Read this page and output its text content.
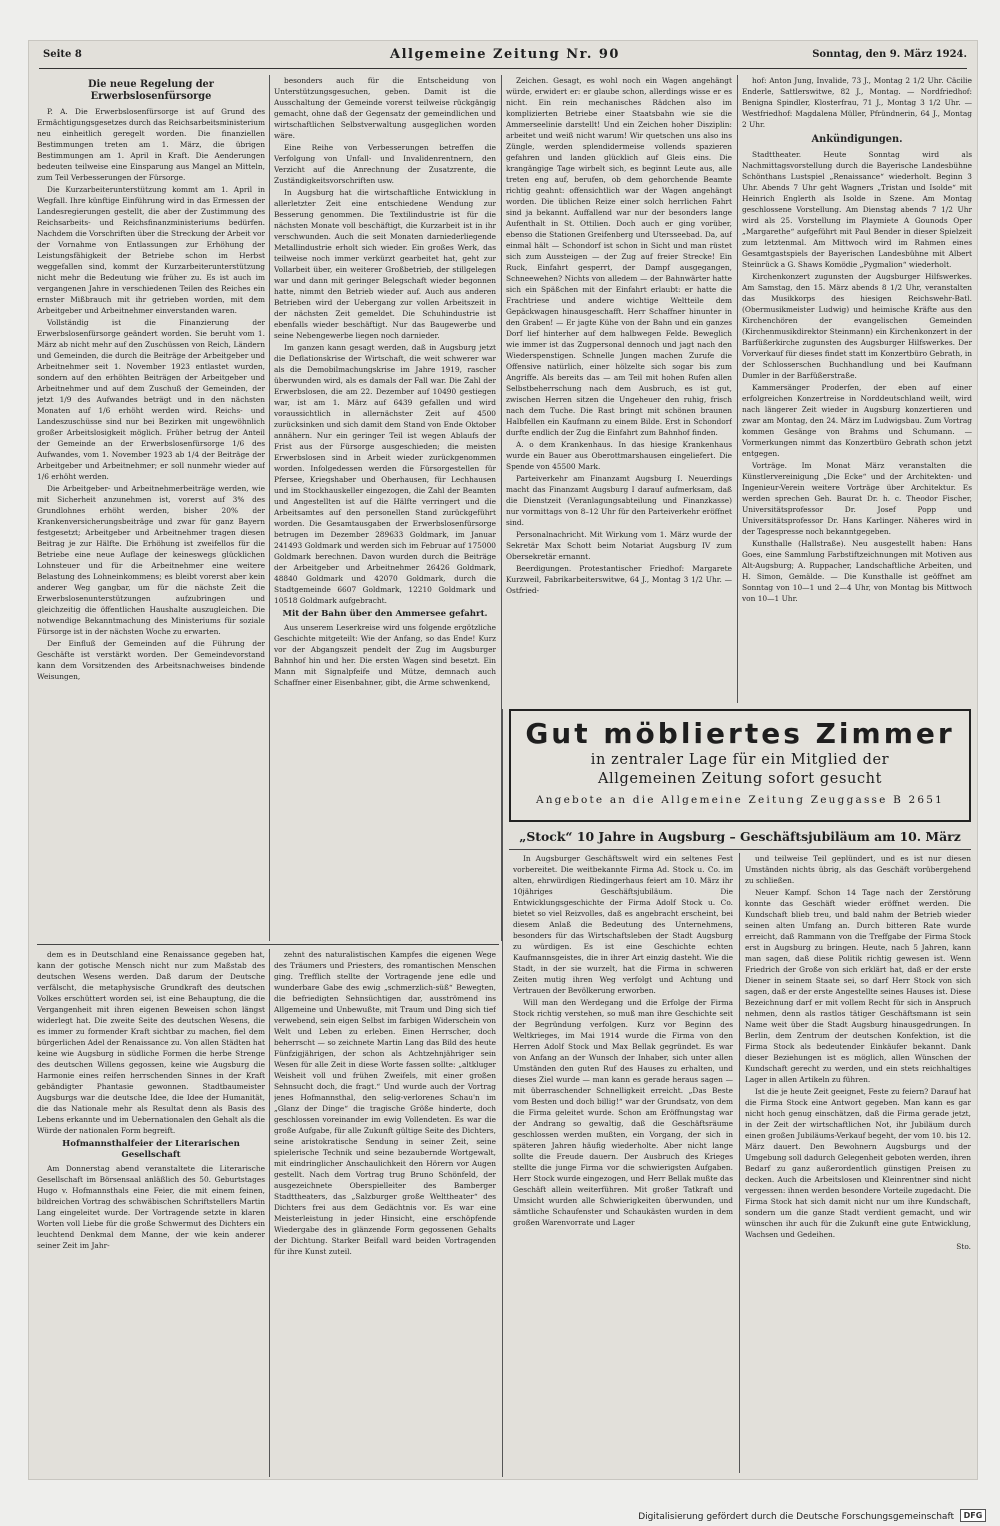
Seite 8	Allgemeine Zeitung Nr. 90	Sonntag, den 9. März 1924.
Die neue Regelung der Erwerbslosenfürsorge

P. A. Die Erwerbslosenfürsorge ist auf Grund des Ermächtigungsgesetzes durch das Reichsarbeitsministerium neu einheitlich geregelt worden. Die finanziellen Bestimmungen treten am 1. März, die übrigen Bestimmungen am 1. April in Kraft. Die Aenderungen bedeuten teilweise eine Einsparung aus Mangel an Mitteln, zum Teil Verbesserungen der Fürsorge.

Die Kurzarbeiterunterstützung kommt am 1. April in Wegfall. Ihre künftige Einführung wird in das Ermessen der Landesregierungen gestellt, die aber der Zustimmung des Reichsarbeits- und Reichsfinanzministeriums bedürfen. Nachdem die Vorschriften über die Streckung der Arbeit vor der Vornahme von Entlassungen zur Erhöhung der Leistungsfähigkeit der Betriebe schon im Herbst weggefallen sind, kommt der Kurzarbeiterunterstützung nicht mehr die Bedeutung wie früher zu. Es ist auch im vergangenen Jahre in verschiedenen Teilen des Reiches ein ernster Mißbrauch mit ihr getrieben worden, mit dem Arbeitgeber und Arbeitnehmer einverstanden waren.

Vollständig ist die Finanzierung der Erwerbslosenfürsorge geändert worden. Sie beruht vom 1. März ab nicht mehr auf den Zuschüssen von Reich, Ländern und Gemeinden, die durch die Beiträge der Arbeitgeber und Arbeitnehmer seit 1. November 1923 entlastet wurden, sondern auf den erhöhten Beiträgen der Arbeitgeber und Arbeitnehmer und auf dem Zuschuß der Gemeinden, der jetzt 1/9 des Aufwandes beträgt und in den nächsten Monaten auf 1/6 erhöht werden wird. Reichs- und Landeszuschüsse sind nur bei Bezirken mit ungewöhnlich großer Arbeitslosigkeit möglich. Früher betrug der Anteil der Gemeinde an der Erwerbslosenfürsorge 1/6 des Aufwandes, vom 1. November 1923 ab 1/4 der Beiträge der Arbeitgeber und Arbeitnehmer; er soll nunmehr wieder auf 1/6 erhöht werden.

Die Arbeitgeber- und Arbeitnehmerbeiträge werden, wie mit Sicherheit anzunehmen ist, vorerst auf 3% des Grundlohnes erhöht werden, bisher 20% der Krankenversicherungsbeiträge und zwar für ganz Bayern festgesetzt; Arbeitgeber und Arbeitnehmer tragen diesen Beitrag je zur Hälfte. Die Erhöhung ist zweifellos für die Betriebe eine neue Auflage der keineswegs glücklichen Lohnsteuer und für die Arbeitnehmer eine weitere Belastung des Lohneinkommens; es bleibt vorerst aber kein anderer Weg gangbar, um für die nächste Zeit die Erwerbslosenunterstützungen aufzubringen und gleichzeitig die öffentlichen Haushalte auszugleichen. Die notwendige Bekanntmachung des Ministeriums für soziale Fürsorge ist in der nächsten Woche zu erwarten.

Der Einfluß der Gemeinden auf die Führung der Geschäfte ist verstärkt worden. Der Gemeindevorstand kann dem Vorsitzenden des Arbeitsnachweises bindende Weisungen,

besonders auch für die Entscheidung von Unterstützungsgesuchen, geben. Damit ist die Ausschaltung der Gemeinde vorerst teilweise rückgängig gemacht, ohne daß der Gegensatz der gemeindlichen und wirtschaftlichen Selbstverwaltung ausgeglichen worden wäre.

Eine Reihe von Verbesserungen betreffen die Verfolgung von Unfall- und Invalidenrentnern, den Verzicht auf die Anrechnung der Zusatzrente, die Zuständigkeitsvorschriften usw.

In Augsburg hat die wirtschaftliche Entwicklung in allerletzter Zeit eine entschiedene Wendung zur Besserung genommen. Die Textilindustrie ist für die nächsten Monate voll beschäftigt, die Kurzarbeit ist in ihr verschwunden. Auch die seit Monaten darniederliegende Metallindustrie erholt sich wieder. Ein großes Werk, das teilweise noch immer verkürzt gearbeitet hat, geht zur Vollarbeit über, ein weiterer Großbetrieb, der stillgelegen war und dann mit geringer Belegschaft wieder begonnen hatte, nimmt den Betrieb wieder auf. Auch aus anderen Betrieben wird der Uebergang zur vollen Arbeitszeit in der nächsten Zeit gemeldet. Die Schuhindustrie ist ebenfalls wieder beschäftigt. Nur das Baugewerbe und seine Nebengewerbe liegen noch darnieder.

Im ganzen kann gesagt werden, daß in Augsburg jetzt die Deflationskrise der Wirtschaft, die weit schwerer war als die Demobilmachungskrise im Jahre 1919, rascher überwunden wird, als es damals der Fall war. Die Zahl der Erwerbslosen, die am 22. Dezember auf 10490 gestiegen war, ist am 1. März auf 6439 gefallen und wird voraussichtlich in allernächster Zeit auf 4500 zurücksinken und sich damit dem Stand von Ende Oktober annähern. Nur ein geringer Teil ist wegen Ablaufs der Frist aus der Fürsorge ausgeschieden; die meisten Erwerbslosen sind in Arbeit wieder zurückgenommen worden. Infolgedessen werden die Fürsorgestellen für Pfersee, Kriegshaber und Oberhausen, für Lechhausen und im Stockhauskeller eingezogen, die Zahl der Beamten und Angestellten ist auf die Hälfte verringert und die Arbeitsamtes auf den personellen Stand zurückgeführt worden. Die Gesamtausgaben der Erwerbslosenfürsorge betrugen im Dezember 289633 Goldmark, im Januar 241493 Goldmark und werden sich im Februar auf 175000 Goldmark berechnen. Davon wurden durch die Beiträge der Arbeitgeber und Arbeitnehmer 26426 Goldmark, 48840 Goldmark und 42070 Goldmark, durch die Stadtgemeinde 6607 Goldmark, 12210 Goldmark und 10518 Goldmark aufgebracht.

Mit der Bahn über den Ammersee gefahrt.

Aus unserem Leserkreise wird uns folgende ergötzliche Geschichte mitgeteilt: Wie der Anfang, so das Ende! Kurz vor der Abgangszeit pendelt der Zug im Augsburger Bahnhof hin und her. Die ersten Wagen sind besetzt. Ein Mann mit Signalpfeife und Mütze, demnach auch Schaffner einer Eisenbahner, gibt, die Arme schwenkend,

Zeichen. Gesagt, es wohl noch ein Wagen angehängt würde, erwidert er: er glaube schon, allerdings wisse er es nicht. Ein rein mechanisches Rädchen also im komplizierten Betriebe einer Staatsbahn wie sie die Ammerseelinie darstellt! Und ein Zeichen hoher Disziplin: arbeitet und weiß nicht warum! Wir quetschen uns also ins Züngle, werden splendidermeise vollends spazieren gefahren und landen glücklich auf Gleis eins. Die krangängige Tage wirbelt sich, es beginnt Leute aus, alle treten eng auf, berufen, ob dem gehorchende Beamte richtig geahnt: offensichtlich war der Wagen angehängt worden. Die üblichen Reize einer solch herrlichen Fahrt sind ja bekannt. Auffallend war nur der besonders lange Aufenthalt in St. Ottilien. Doch auch er ging vorüber, ebenso die Stationen Greifenberg und Utersseebad. Da, auf einmal hält — Schondorf ist schon in Sicht und man rüstet sich zum Aussteigen — der Zug auf freier Strecke! Ein Ruck, Einfahrt gesperrt, der Dampf ausgegangen, Schneewehen? Nichts von alledem — der Bahnwärter hatte sich ein Späßchen mit der Einfahrt erlaubt: er hatte die Frachtriese und andere wichtige Weltteile dem Gepäckwagen hinausgeschafft. Herr Schaffner hinunter in den Graben! — Er jagte Kühe von der Bahn und ein ganzes Dorf lief hinterher auf dem halbwegen Felde. Beweglich wie immer ist das Zugpersonal dennoch und jagt nach den Wiederspenstigen. Schnelle Jungen machen Zurufe die Offensive natürlich, einer hölzelte sich sogar bis zum Angriffe. Als bereits das — am Teil mit hohen Rufen allen Selbstbeherrschung nach dem Ausbruch, es ist gut, zwischen Herren sitzen die Ungeheuer den ruhig, frisch nach dem Tuche. Die Rast bringt mit schönen braunen Halbfellen ein Kaufmann zu einem Bilde. Erst in Schondorf durfte endlich der Zug die Einfahrt zum Bahnhof finden.

A. o dem Krankenhaus. In das hiesige Krankenhaus wurde ein Bauer aus Oberottmarshausen eingeliefert. Die Spende von 45500 Mark.

Parteiverkehr am Finanzamt Augsburg I. Neuerdings macht das Finanzamt Augsburg I darauf aufmerksam, daß die Dienstzeit (Veranlagungsabteilung und Finanzkasse) nur vormittags von 8–12 Uhr für den Parteiverkehr eröffnet sind.

Personalnachricht. Mit Wirkung vom 1. März wurde der Sekretär Max Schott beim Notariat Augsburg IV zum Obersekretär ernannt.

Beerdigungen. Protestantischer Friedhof: Margarete Kurzweil, Fabrikarbeiterswitwe, 64 J., Montag 3 1/2 Uhr. — Ostfried-

hof: Anton Jung, Invalide, 73 J., Montag 2 1/2 Uhr. Cäcilie Enderle, Sattlerswitwe, 82 J., Montag. — Nordfriedhof: Benigna Spindler, Klosterfrau, 71 J., Montag 3 1/2 Uhr. — Westfriedhof: Magdalena Müller, Pfründnerin, 64 J., Montag 2 Uhr.

Ankündigungen.

Stadttheater. Heute Sonntag wird als Nachmittagsvorstellung durch die Bayerische Landesbühne Schönthans Lustspiel „Renaissance“ wiederholt. Beginn 3 Uhr. Abends 7 Uhr geht Wagners „Tristan und Isolde“ mit Heinrich Englerth als Isolde in Szene. Am Montag geschlossene Vorstellung. Am Dienstag abends 7 1/2 Uhr wird als 25. Vorstellung im Playmiete A Gounods Oper „Margarethe“ aufgeführt mit Paul Bender in dieser Spielzeit zum letztenmal. Am Mittwoch wird im Rahmen eines Gesamtgastspiels der Bayerischen Landesbühne mit Albert Steinrück a G. Shaws Komödie „Pygmalion“ wiederholt.

Kirchenkonzert zugunsten der Augsburger Hilfswerkes. Am Samstag, den 15. März abends 8 1/2 Uhr, veranstalten das Musikkorps des hiesigen Reichswehr-Batl. (Obermusikmeister Ludwig) und heimische Kräfte aus den Kirchenchören der evangelischen Gemeinden (Kirchenmusikdirektor Steinmann) ein Kirchenkonzert in der Barfüßerkirche zugunsten des Augsburger Hilfswerkes. Der Vorverkauf für dieses findet statt im Konzertbüro Gebrath, in der Schlosserschen Buchhandlung und bei Kaufmann Dumler in der Barfüßerstraße.

Kammersänger Proderfen, der eben auf einer erfolgreichen Konzertreise in Norddeutschland weilt, wird nach längerer Zeit wieder in Augsburg konzertieren und zwar am Montag, den 24. März im Ludwigsbau. Zum Vortrag kommen Gesänge von Brahms und Schumann. — Vormerkungen nimmt das Konzertbüro Gebrath schon jetzt entgegen.

Vorträge. Im Monat März veranstalten die Künstlervereinigung „Die Ecke“ und der Architekten- und Ingenieur-Verein weitere Vorträge über Architektur. Es werden sprechen Geh. Baurat Dr. h. c. Theodor Fischer, Universitätsprofessor Dr. Josef Popp und Universitätsprofessor Dr. Hans Karlinger. Näheres wird in der Tagespresse noch bekanntgegeben.

Kunsthalle (Hallstraße). Neu ausgestellt haben: Hans Goes, eine Sammlung Farbstiftzeichnungen mit Motiven aus Alt-Augsburg; A. Ruppacher, Landschaftliche Arbeiten, und H. Simon, Gemälde. — Die Kunsthalle ist geöffnet am Sonntag von 10—1 und 2—4 Uhr, von Montag bis Mittwoch von 10—1 Uhr.

Gut möbliertes Zimmer
in zentraler Lage für ein Mitglied der
Allgemeinen Zeitung sofort gesucht
Angebote an die Allgemeine Zeitung Zeuggasse B 2651
„Stock“ 10 Jahre in Augsburg – Geschäftsjubiläum am 10. März

In Augsburger Geschäftswelt wird ein seltenes Fest vorbereitet. Die weitbekannte Firma Ad. Stock u. Co. im alten, ehrwürdigen Riedingerhaus feiert am 10. März ihr 10jähriges Geschäftsjubiläum. Die Entwicklungsgeschichte der Firma Adolf Stock u. Co. bietet so viel Reizvolles, daß es angebracht erscheint, bei diesem Anlaß die Bedeutung des Unternehmens, besonders für das Wirtschaftsleben der Stadt Augsburg zu würdigen. Es ist eine Geschichte echten Kaufmannsgeistes, die in ihrer Art einzig dasteht. Wie die Stadt, in der sie wurzelt, hat die Firma in schweren Zeiten mutig ihren Weg verfolgt und Achtung und Vertrauen der Bevölkerung erworben.

Will man den Werdegang und die Erfolge der Firma Stock richtig verstehen, so muß man ihre Geschichte seit der Begründung verfolgen. Kurz vor Beginn des Weltkrieges, im Mai 1914 wurde die Firma von den Herren Adolf Stock und Max Bellak gegründet. Es war von Anfang an der Wunsch der Inhaber, sich unter allen Umständen den guten Ruf des Hauses zu erhalten, und dieses Ziel wurde — man kann es gerade heraus sagen — mit überraschender Schnelligkeit erreicht. „Das Beste vom Besten und doch billig!“ war der Grundsatz, von dem die Firma geleitet wurde. Schon am Eröffnungstag war der Andrang so gewaltig, daß die Geschäftsräume geschlossen werden mußten, ein Vorgang, der sich in späteren Jahren häufig wiederholte. Aber nicht lange sollte die Freude dauern. Der Ausbruch des Krieges stellte die junge Firma vor die schwierigsten Aufgaben. Herr Stock wurde eingezogen, und Herr Bellak mußte das Geschäft allein weiterführen. Mit großer Tatkraft und Umsicht wurden alle Schwierigkeiten überwunden, und sämtliche Schaufenster und Schaukästen wurden in dem großen Warenvorrate und Lager

und teilweise Teil geplündert, und es ist nur diesen Umständen nichts übrig, als das Geschäft vorübergehend zu schließen.

Neuer Kampf. Schon 14 Tage nach der Zerstörung konnte das Geschäft wieder eröffnet werden. Die Kundschaft blieb treu, und bald nahm der Betrieb wieder seinen alten Umfang an. Durch bitteren Rate wurde erreicht, daß Rammann von die Treffgabe der Firma Stock erst in Augsburg zu bringen. Heute, nach 5 Jahren, kann man sagen, daß diese Politik richtig gewesen ist. Wenn Friedrich der Große von sich erklärt hat, daß er der erste Diener in seinem Staate sei, so darf Herr Stock von sich sagen, daß er der erste Angestellte seines Hauses ist. Diese Bezeichnung darf er mit vollem Recht für sich in Anspruch nehmen, denn als rastlos tätiger Geschäftsmann ist sein Name weit über die Stadt Augsburg hinausgedrungen. In Berlin, dem Zentrum der deutschen Konfektion, ist die Firma Stock als bedeutender Einkäufer bekannt. Dank dieser Beziehungen ist es möglich, allen Wünschen der Kundschaft gerecht zu werden, und ein stets reichhaltiges Lager in allen Artikeln zu führen.

Ist die je heute Zeit geeignet, Feste zu feiern? Darauf hat die Firma Stock eine Antwort gegeben. Man kann es gar nicht hoch genug einschätzen, daß die Firma gerade jetzt, in der Zeit der wirtschaftlichen Not, ihr Jubiläum durch einen großen Jubiläums-Verkauf begeht, der vom 10. bis 12. März dauert. Den Bewohnern Augsburgs und der Umgebung soll dadurch Gelegenheit geboten werden, ihren Bedarf zu ganz außerordentlich günstigen Preisen zu decken. Auch die Arbeitslosen und Kleinrentner sind nicht vergessen: ihnen werden besondere Vorteile zugedacht. Die Firma Stock hat sich damit nicht nur um ihre Kundschaft, sondern um die ganze Stadt verdient gemacht, und wir wünschen ihr auch für die Zukunft eine gute Entwicklung, Wachsen und Gedeihen.

Sto.

dem es in Deutschland eine Renaissance gegeben hat, kann der gotische Mensch nicht nur zum Maßstab des deutschen Wesens werden. Daß darum der Deutsche verfälscht, die metaphysische Grundkraft des deutschen Volkes erschüttert worden sei, ist eine Behauptung, die die Vergangenheit mit ihren eigenen Beweisen schon längst widerlegt hat. Die zweite Seite des deutschen Wesens, die es immer zu formender Kraft sichtbar zu machen, fiel dem bürgerlichen Adel der Renaissance zu. Von allen Städten hat keine wie Augsburg in südliche Formen die herbe Strenge des deutschen Willens gegossen, keine wie Augsburg die Harmonie eines reifen herrschenden Sinnes in der Kraft gebändigter Phantasie gewonnen. Stadtbaumeister Augsburgs war die deutsche Idee, die Idee der Humanität, die das Nationale mehr als Resultat denn als Basis des Lebens erkannte und im Uebernationalen den Gehalt als die Würde der nationalen Form begreift.

Hofmannsthalfeier der Literarischen Gesellschaft

Am Donnerstag abend veranstaltete die Literarische Gesellschaft im Börsensaal anläßlich des 50. Geburtstages Hugo v. Hofmannsthals eine Feier, die mit einem feinen, bildreichen Vortrag des schwäbischen Schriftstellers Martin Lang eingeleitet wurde. Der Vortragende setzte in klaren Worten voll Liebe für die große Schwermut des Dichters ein leuchtend Denkmal dem Manne, der wie kein anderer seiner Zeit im Jahr-

zehnt des naturalistischen Kampfes die eigenen Wege des Träumers und Priesters, des romantischen Menschen ging. Trefflich stellte der Vortragende jene edle und wunderbare Gabe des ewig „schmerzlich-süß“ Bewegten, die befriedigten Sehnsüchtigen dar, ausströmend ins Allgemeine und Unbewußte, mit Traum und Ding sich tief verwebend, sein eigen Selbst im farbigen Widerschein von Welt und Leben zu erleben. Einen Herrscher, doch beherrscht — so zeichnete Martin Lang das Bild des heute Fünfzigjährigen, der schon als Achtzehnjähriger sein Wesen für alle Zeit in diese Worte fassen sollte: „altkluger Weisheit voll und frühen Zweifels, mit einer großen Sehnsucht doch, die fragt.“ Und wurde auch der Vortrag jenes Hofmannsthal, den selig-verlorenes Schau'n im „Glanz der Dinge“ die tragische Größe hinderte, doch geschlossen voreinander im ewig Vollendeten. Es war die große Aufgabe, für alle Zukunft gültige Seite des Dichters, seine aristokratische Sendung in seiner Zeit, seine spielerische Technik und seine bezaubernde Wortgewalt, mit eindringlicher Anschaulichkeit den Hörern vor Augen gestellt. Nach dem Vortrag trug Bruno Schönfeld, der ausgezeichnete Oberspielleiter des Bamberger Stadttheaters, das „Salzburger große Welttheater“ des Dichters frei aus dem Gedächtnis vor. Es war eine Meisterleistung in jeder Hinsicht, eine erschöpfende Wiedergabe des in glänzende Form gegossenen Gehalts der Dichtung. Starker Beifall ward beiden Vortragenden für ihre Kunst zuteil.

Digitalisierung gefördert durch die Deutsche Forschungsgemeinschaft	DFG
